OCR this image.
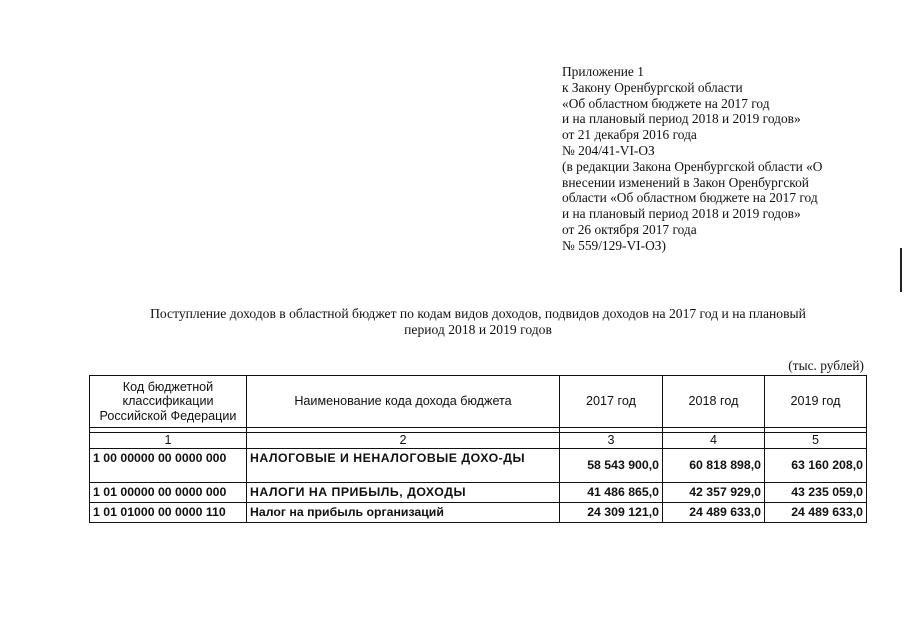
Приложение 1
к Закону Оренбургской области
«Об областном бюджете на 2017 год
и на плановый период 2018 и 2019 годов»
от 21 декабря 2016 года
№ 204/41-VI-ОЗ
(в редакции Закона Оренбургской области «О
внесении изменений в Закон Оренбургской
области «Об областном бюджете на 2017 год
и на плановый период 2018 и 2019 годов»
от 26 октября 2017 года
№ 559/129-VI-ОЗ)
Поступление доходов в областной бюджет по кодам видов доходов, подвидов доходов на 2017 год и на плановый
период 2018 и 2019 годов
(тыс. рублей)
Код бюджетной классификации Российской Федерации	Наименование кода дохода бюджета	2017 год	2018 год	2019 год

1	2	3	4	5
1 00 00000 00 0000 000	НАЛОГОВЫЕ И НЕНАЛОГОВЫЕ ДОХО-ДЫ	58 543 900,0	60 818 898,0	63 160 208,0
1 01 00000 00 0000 000	НАЛОГИ НА ПРИБЫЛЬ, ДОХОДЫ	41 486 865,0	42 357 929,0	43 235 059,0
1 01 01000 00 0000 110	Налог на прибыль организаций	24 309 121,0	24 489 633,0	24 489 633,0
